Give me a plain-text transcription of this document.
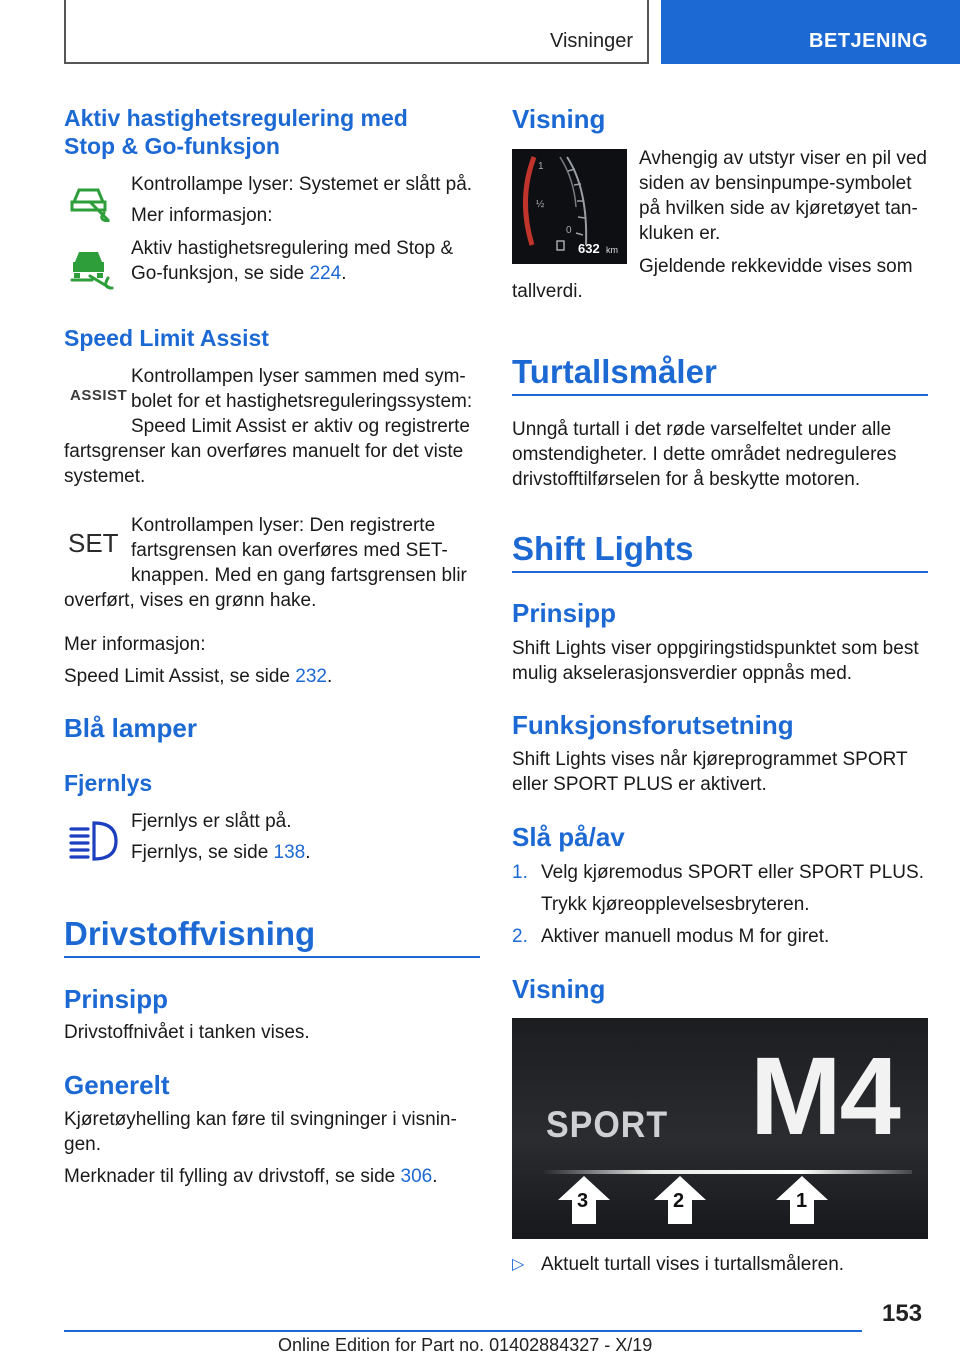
Visninger	BETJENING
Aktiv hastighetsregulering med
Stop & Go-funksjon
Kontrollampe lyser: Systemet er slått på.
Mer informasjon:
Aktiv hastighetsregulering med Stop &
Go-funksjon, se side 224.
Speed Limit Assist
ASSIST
Kontrollampen lyser sammen med sym-
bolet for et hastighetsreguleringssystem:
Speed Limit Assist er aktiv og registrerte
fartsgrenser kan overføres manuelt for det viste
systemet.
SET
Kontrollampen lyser: Den registrerte
fartsgrensen kan overføres med SET-
knappen. Med en gang fartsgrensen blir
overført, vises en grønn hake.
Mer informasjon:
Speed Limit Assist, se side 232.
Blå lamper
Fjernlys
Fjernlys er slått på.
Fjernlys, se side 138.
Drivstoffvisning
Prinsipp
Drivstoffnivået i tanken vises.
Generelt
Kjøretøyhelling kan føre til svingninger i visnin-
gen.
Merknader til fylling av drivstoff, se side 306.
Visning
1
½
0
632 km
Avhengig av utstyr viser en pil ved
siden av bensinpumpe-symbolet
på hvilken side av kjøretøyet tan-
kluken er.
Gjeldende rekkevidde vises som
tallverdi.
Turtallsmåler
Unngå turtall i det røde varselfeltet under alle
omstendigheter. I dette området nedreguleres
drivstofftilførselen for å beskytte motoren.
Shift Lights
Prinsipp
Shift Lights viser oppgiringstidspunktet som best
mulig akselerasjonsverdier oppnås med.
Funksjonsforutsetning
Shift Lights vises når kjøreprogrammet SPORT
eller SPORT PLUS er aktivert.
Slå på/av
1. Velg kjøremodus SPORT eller SPORT PLUS.
Trykk kjøreopplevelsesbryteren.
2. Aktiver manuell modus M for giret.
Visning
SPORT M4
3	2	1
▷ Aktuelt turtall vises i turtallsmåleren.
153
Online Edition for Part no. 01402884327 - X/19
